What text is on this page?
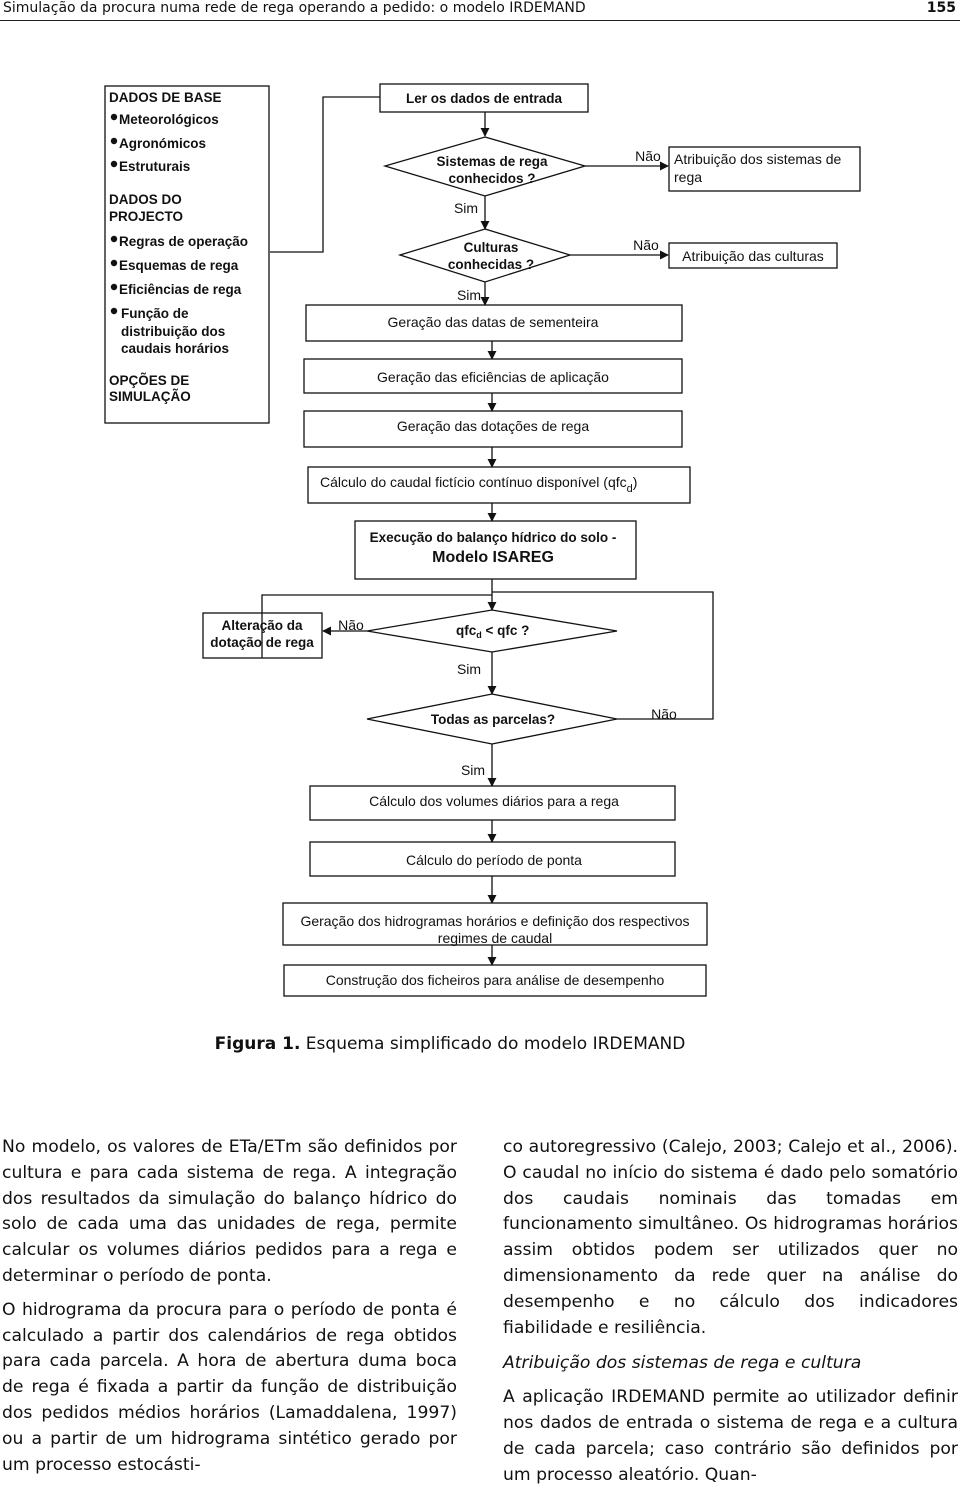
Simulação da procura numa rede de rega operando a pedido: o modelo IRDEMAND	155
DADOS DE BASE
Meteorológicos
Agronómicos
Estruturais
DADOS DO
PROJECTO
Regras de operação
Esquemas de rega
Eficiências de rega
Função de
distribuição dos
caudais horários
OPÇÕES DE
SIMULAÇÃO
Ler os dados de entrada
Sistemas de rega
conhecidos ?
Sim
Não Atribuição dos sistemas de
rega
Culturas
conhecidas ?
Não
Atribuição das culturas
Sim
Geração das datas de sementeira
Geração das eficiências de aplicação
Geração das dotações de rega
Cálculo do caudal fictício contínuo disponível (qfc$_d$)
Execução do balanço hídrico do solo -
Modelo ISAREG
Alteração da
dotação de rega
Não	qfc$_d$ < qfc ?
Sim
Todas as parcelas?	Não
Sim
Cálculo dos volumes diários para a rega
Cálculo do período de ponta
Geração dos hidrogramas horários e definição dos respectivos
regimes de caudal
Construção dos ficheiros para análise de desempenho
Figura 1. Esquema simplificado do modelo IRDEMAND

No modelo, os valores de ETa/ETm são definidos por cultura e para cada sistema de rega. A integração dos resultados da simulação do balanço hídrico do solo de cada uma das unidades de rega, permite calcular os volumes diários pedidos para a rega e determinar o período de ponta.

O hidrograma da procura para o período de ponta é calculado a partir dos calendários de rega obtidos para cada parcela. A hora de abertura duma boca de rega é fixada a partir da função de distribuição dos pedidos médios horários (Lamaddalena, 1997) ou a partir de um hidrograma sintético gerado por um processo estocásti-

co autoregressivo (Calejo, 2003; Calejo et al., 2006). O caudal no início do sistema é dado pelo somatório dos caudais nominais das tomadas em funcionamento simultâneo. Os hidrogramas horários assim obtidos podem ser utilizados quer no dimensionamento da rede quer na análise do desempenho e no cálculo dos indicadores fiabilidade e resiliência.

Atribuição dos sistemas de rega e cultura

A aplicação IRDEMAND permite ao utilizador definir nos dados de entrada o sistema de rega e a cultura de cada parcela; caso contrário são definidos por um processo aleatório. Quan-
